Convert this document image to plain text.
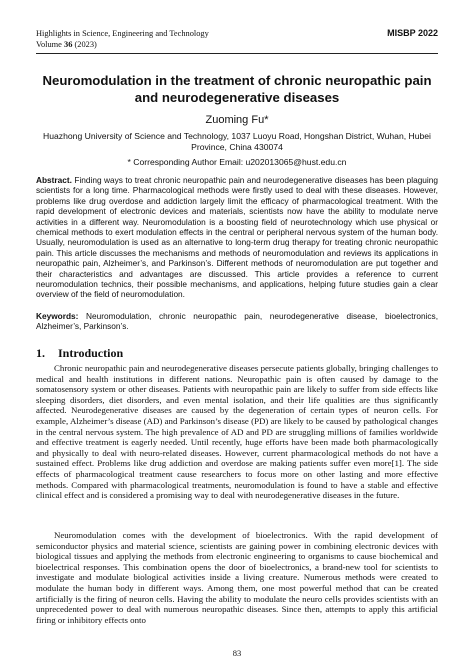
Highlights in Science, Engineering and Technology
Volume 36 (2023)
MISBP 2022
Neuromodulation in the treatment of chronic neuropathic pain and neurodegenerative diseases
Zuoming Fu*
Huazhong University of Science and Technology, 1037 Luoyu Road, Hongshan District, Wuhan, Hubei Province, China 430074
* Corresponding Author Email: u202013065@hust.edu.cn
Abstract. Finding ways to treat chronic neuropathic pain and neurodegenerative diseases has been plaguing scientists for a long time. Pharmacological methods were firstly used to deal with these diseases. However, problems like drug overdose and addiction largely limit the efficacy of pharmacological treatment. With the rapid development of electronic devices and materials, scientists now have the ability to modulate nerve activities in a different way. Neuromodulation is a boosting field of neurotechnology which use physical or chemical methods to exert modulation effects in the central or peripheral nervous system of the human body. Usually, neuromodulation is used as an alternative to long-term drug therapy for treating chronic neuropathic pain. This article discusses the mechanisms and methods of neuromodulation and reviews its applications in neuropathic pain, Alzheimer’s, and Parkinson’s. Different methods of neuromodulation are put together and their characteristics and advantages are discussed. This article provides a reference to current neuromodulation technics, their possible mechanisms, and applications, helping future studies gain a clear overview of the field of neuromodulation.
Keywords: Neuromodulation, chronic neuropathic pain, neurodegenerative disease, bioelectronics, Alzheimer’s, Parkinson’s.
1. Introduction
Chronic neuropathic pain and neurodegenerative diseases persecute patients globally, bringing challenges to medical and health institutions in different nations. Neuropathic pain is often caused by damage to the somatosensory system or other diseases. Patients with neuropathic pain are likely to suffer from side effects like sleeping disorders, diet disorders, and even mental isolation, and their life qualities are thus significantly affected. Neurodegenerative diseases are caused by the degeneration of certain types of neuron cells. For example, Alzheimer’s disease (AD) and Parkinson’s disease (PD) are likely to be caused by pathological changes in the central nervous system. The high prevalence of AD and PD are struggling millions of families worldwide and effective treatment is eagerly needed. Until recently, huge efforts have been made both pharmacologically and physically to deal with neuro-related diseases. However, current pharmacological methods do not have a sustained effect. Problems like drug addiction and overdose are making patients suffer even more[1]. The side effects of pharmacological treatment cause researchers to focus more on other lasting and more effective methods. Compared with pharmacological treatments, neuromodulation is found to have a stable and effective clinical effect and is considered a promising way to deal with neurodegenerative diseases in the future.
Neuromodulation comes with the development of bioelectronics. With the rapid development of semiconductor physics and material science, scientists are gaining power in combining electronic devices with biological tissues and applying the methods from electronic engineering to organisms to cause biochemical and bioelectrical responses. This combination opens the door of bioelectronics, a brand-new tool for scientists to investigate and modulate biological activities inside a living creature. Numerous methods were created to modulate the human body in different ways. Among them, one most powerful method that can be created artificially is the firing of neuron cells. Having the ability to modulate the neuro cells provides scientists with an unprecedented power to deal with numerous neuropathic diseases. Since then, attempts to apply this artificial firing or inhibitory effects onto
83
